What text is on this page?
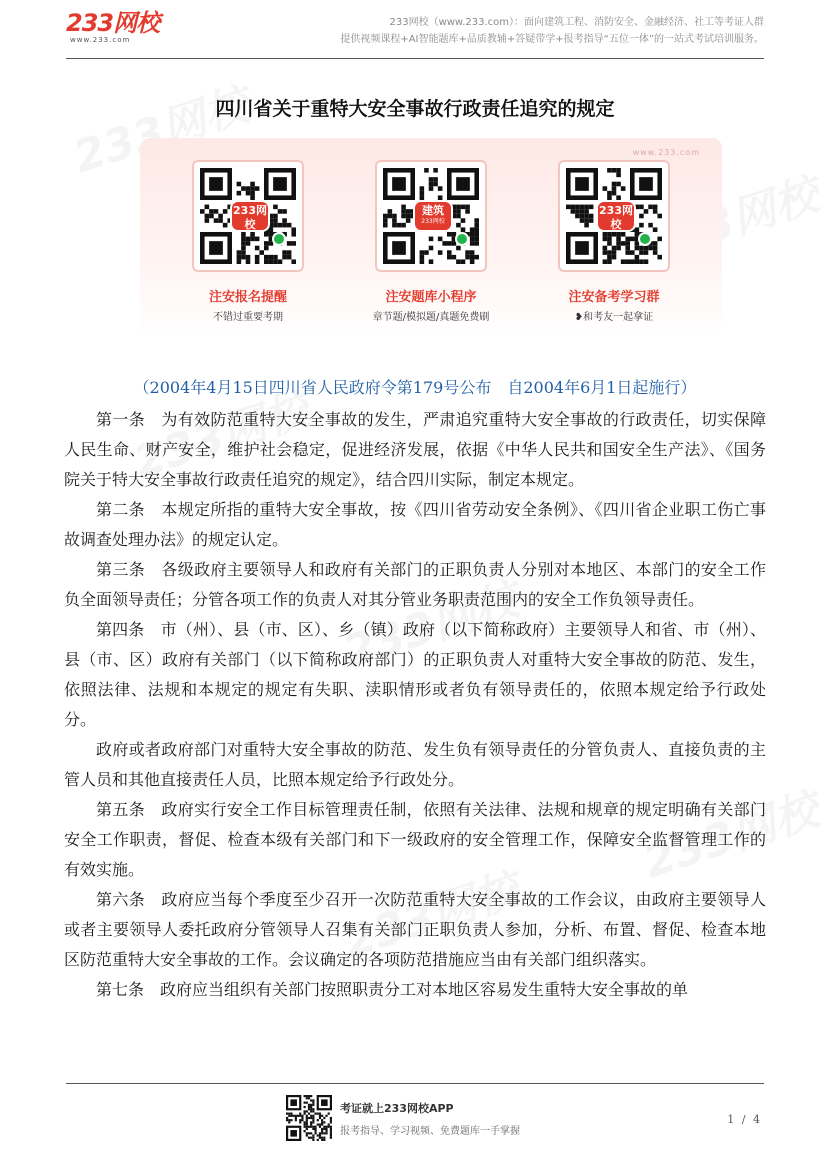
233网校
www.233.com
233网校（www.233.com）：面向建筑工程、消防安全、金融经济、社工等考证人群
提供视频课程+AI智能题库+品质教辅+答疑带学+报考指导“五位一体”的一站式考试培训服务。
四川省关于重特大安全事故行政责任追究的规定
www.233.com
233网校
建筑
233网校
233网校
注安报名提醒
不错过重要考期
注安题库小程序
章节题/模拟题/真题免费刷
注安备考学习群
❥和考友一起拿证
（2004年4月15日四川省人民政府令第179号公布　自2004年6月1日起施行）

第一条　为有效防范重特大安全事故的发生，严肃追究重特大安全事故的行政责任，切实保障人民生命、财产安全，维护社会稳定，促进经济发展，依据《中华人民共和国安全生产法》、《国务院关于特大安全事故行政责任追究的规定》，结合四川实际，制定本规定。

第二条　本规定所指的重特大安全事故，按《四川省劳动安全条例》、《四川省企业职工伤亡事故调查处理办法》的规定认定。

第三条　各级政府主要领导人和政府有关部门的正职负责人分别对本地区、本部门的安全工作负全面领导责任；分管各项工作的负责人对其分管业务职责范围内的安全工作负领导责任。

第四条　市（州）、县（市、区）、乡（镇）政府（以下简称政府）主要领导人和省、市（州）、县（市、区）政府有关部门（以下简称政府部门）的正职负责人对重特大安全事故的防范、发生，依照法律、法规和本规定的规定有失职、渎职情形或者负有领导责任的，依照本规定给予行政处分。

政府或者政府部门对重特大安全事故的防范、发生负有领导责任的分管负责人、直接负责的主管人员和其他直接责任人员，比照本规定给予行政处分。

第五条　政府实行安全工作目标管理责任制，依照有关法律、法规和规章的规定明确有关部门安全工作职责，督促、检查本级有关部门和下一级政府的安全管理工作，保障安全监督管理工作的有效实施。

第六条　政府应当每个季度至少召开一次防范重特大安全事故的工作会议，由政府主要领导人或者主要领导人委托政府分管领导人召集有关部门正职负责人参加，分析、布置、督促、检查本地区防范重特大安全事故的工作。会议确定的各项防范措施应当由有关部门组织落实。

第七条　政府应当组织有关部门按照职责分工对本地区容易发生重特大安全事故的单

考证就上233网校APP
报考指导、学习视频、免费题库一手掌握
1 / 4
